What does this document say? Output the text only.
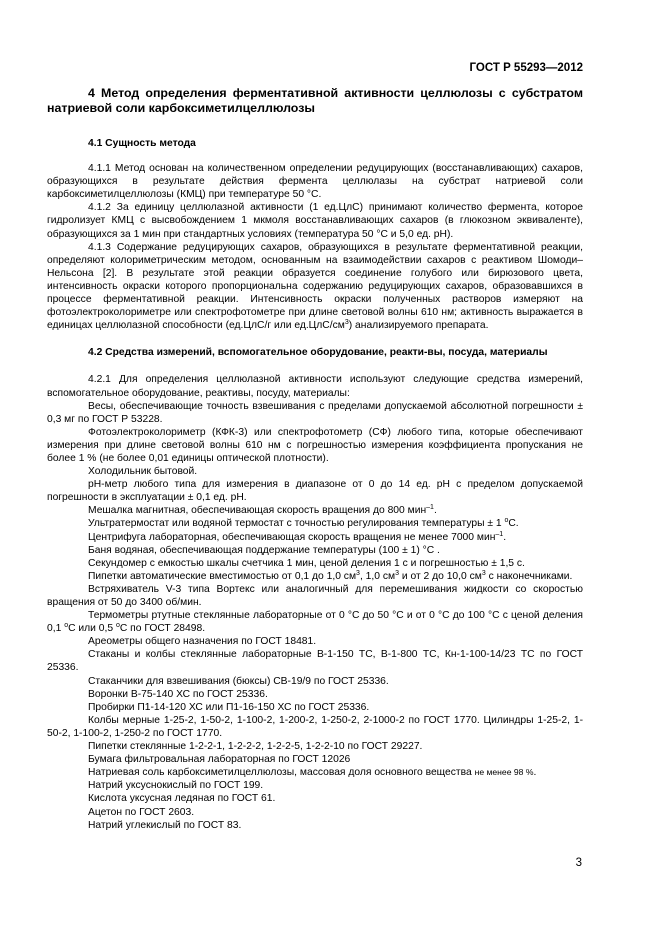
ГОСТ Р 55293—2012
4 Метод определения ферментативной активности целлюлозы с субстратом натриевой соли карбоксиметилцеллюлозы
4.1 Сущность метода

4.1.1 Метод основан на количественном определении редуцирующих (восстанавливающих) сахаров, образующихся в результате действия фермента целлюлазы на субстрат натриевой соли карбоксиметилцеллюлозы (КМЦ) при температуре 50 °С.

4.1.2 За единицу целлюлазной активности (1 ед.ЦлС) принимают количество фермента, которое гидролизует КМЦ с высвобождением 1 мкмоля восстанавливающих сахаров (в глюкозном эквиваленте), образующихся за 1 мин при стандартных условиях (температура 50 °С и 5,0 ед. рН).

4.1.3 Содержание редуцирующих сахаров, образующихся в результате ферментативной реакции, определяют колориметрическим методом, основанным на взаимодействии сахаров с реактивом Шомоди–Нельсона [2]. В результате этой реакции образуется соединение голубого или бирюзового цвета, интенсивность окраски которого пропорциональна содержанию редуцирующих сахаров, образовавшихся в процессе ферментативной реакции. Интенсивность окраски полученных растворов измеряют на фотоэлектроколориметре или спектрофотометре при длине световой волны 610 нм; активность выражается в единицах целлюлазной способности (ед.ЦлС/г или $ед.ЦлС/см^3$) анализируемого препарата.

4.2 Средства измерений, вспомогательное оборудование, реакти-вы, посуда, материалы

4.2.1 Для определения целлюлазной активности используют следующие средства измерений, вспомогательное оборудование, реактивы, посуду, материалы:

Весы, обеспечивающие точность взвешивания с пределами допускаемой абсолютной погрешности ± 0,3 мг по ГОСТ Р 53228.

Фотоэлектроколориметр (КФК-3) или спектрофотометр (СФ) любого типа, которые обеспечивают измерения при длине световой волны 610 нм с погрешностью измерения коэффициента пропускания не более 1 % (не более 0,01 единицы оптической плотности).

Холодильник бытовой.

рН-метр любого типа для измерения в диапазоне от 0 до 14 ед. рН с пределом допускаемой погрешности в эксплуатации ± 0,1 ед. рН.

Мешалка магнитная, обеспечивающая скорость вращения до 800 мин$^{-1}$.

Ультратермостат или водяной термостат с точностью регулирования температуры ± 1 $^о$С.

Центрифуга лабораторная, обеспечивающая скорость вращения не менее 7000 мин$^{-1}$.

Баня водяная, обеспечивающая поддержание температуры (100 ± 1) °С .

Секундомер с емкостью шкалы счетчика 1 мин, ценой деления 1 с и погрешностью ± 1,5 с.

Пипетки автоматические вместимостью от 0,1 до 1,0 $см^3$, 1,0 $см^3$ и от 2 до 10,0 $см^3$ с наконечниками.

Встряхиватель V-3 типа Вортекс или аналогичный для перемешивания жидкости со скоростью вращения от 50 до 3400 об/мин.

Термометры ртутные стеклянные лабораторные от 0 °С до 50 °С и от 0 °С до 100 °С с ценой деления 0,1 $^о$С или 0,5 $^о$С по ГОСТ 28498.

Ареометры общего назначения по ГОСТ 18481.

Стаканы и колбы стеклянные лабораторные В-1-150 ТС, В-1-800 ТС, Кн-1-100-14/23 ТС по ГОСТ 25336.

Стаканчики для взвешивания (бюксы) СВ-19/9 по ГОСТ 25336.

Воронки В-75-140 ХС по ГОСТ 25336.

Пробирки П1-14-120 ХС или П1-16-150 ХС по ГОСТ 25336.

Колбы мерные 1-25-2, 1-50-2, 1-100-2, 1-200-2, 1-250-2, 2-1000-2 по ГОСТ 1770. Цилиндры 1-25-2, 1-50-2, 1-100-2, 1-250-2 по ГОСТ 1770.

Пипетки стеклянные 1-2-2-1, 1-2-2-2, 1-2-2-5, 1-2-2-10 по ГОСТ 29227.

Бумага фильтровальная лабораторная по ГОСТ 12026

Натриевая соль карбоксиметилцеллюлозы, массовая доля основного вещества не менее 98 %.

Натрий уксуснокислый по ГОСТ 199.

Кислота уксусная ледяная по ГОСТ 61.

Ацетон по ГОСТ 2603.

Натрий углекислый по ГОСТ 83.

3
